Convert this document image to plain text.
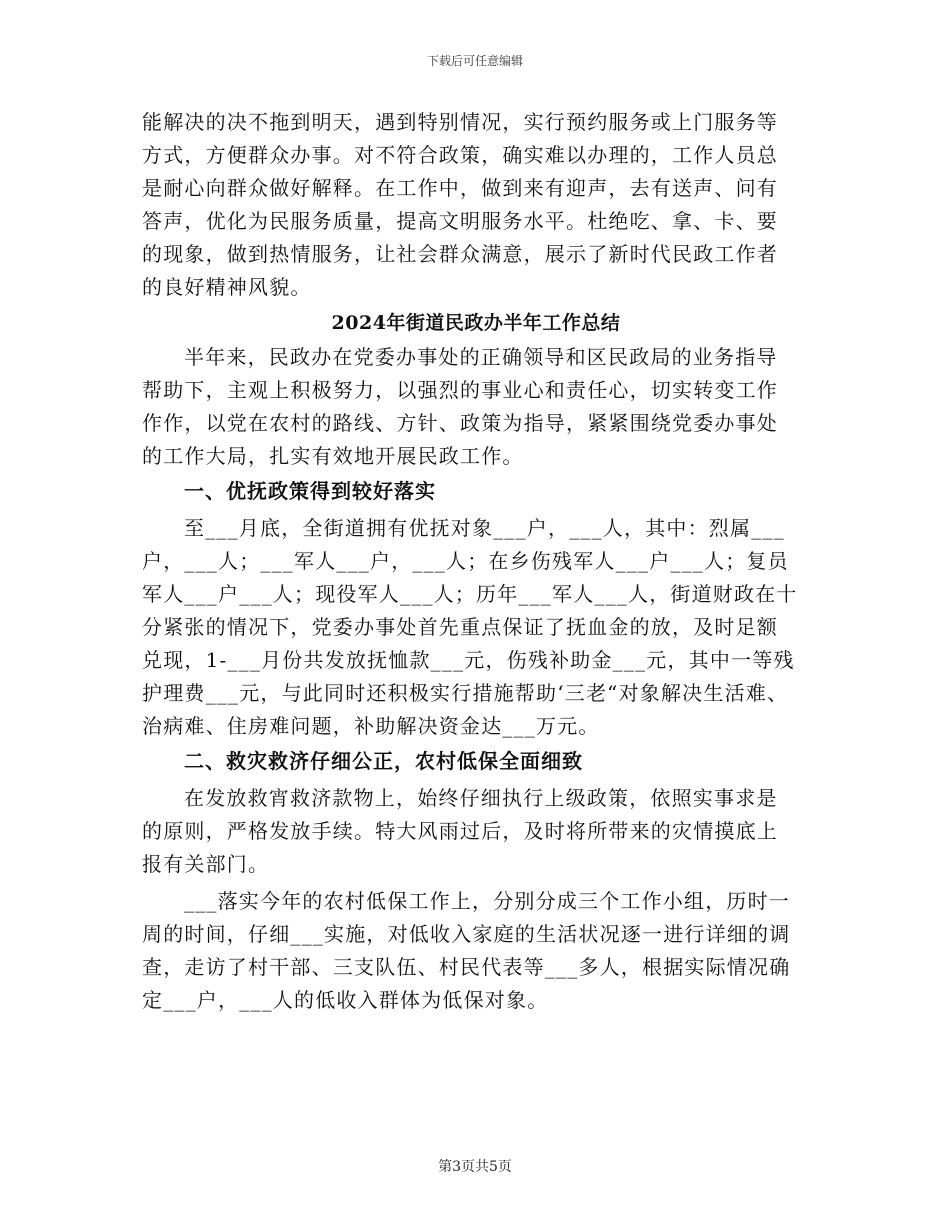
下载后可任意编辑
能解决的决不拖到明天，遇到特别情况，实行预约服务或上门服务等
方式，方便群众办事。对不符合政策，确实难以办理的，工作人员总
是耐心向群众做好解释。在工作中，做到来有迎声，去有送声、问有
答声，优化为民服务质量，提高文明服务水平。杜绝吃、拿、卡、要
的现象，做到热情服务，让社会群众满意，展示了新时代民政工作者
的良好精神风貌。
2024年街道民政办半年工作总结
半年来，民政办在党委办事处的正确领导和区民政局的业务指导
帮助下，主观上积极努力，以强烈的事业心和责任心，切实转变工作
作作，以党在农村的路线、方针、政策为指导，紧紧围绕党委办事处
的工作大局，扎实有效地开展民政工作。
一、优抚政策得到较好落实
至___月底，全街道拥有优抚对象___户，___人，其中：烈属___
户，___人；___军人___户，___人；在乡伤残军人___户___人；复员
军人___户___人；现役军人___人；历年___军人___人，街道财政在十
分紧张的情况下，党委办事处首先重点保证了抚血金的放，及时足额
兑现，1-___月份共发放抚恤款___元，伤残补助金___元，其中一等残
护理费___元，与此同时还积极实行措施帮助‘三老“对象解决生活难、
治病难、住房难问题，补助解决资金达___万元。
二、救灾救济仔细公正，农村低保全面细致
在发放救宵救济款物上，始终仔细执行上级政策，依照实事求是
的原则，严格发放手续。特大风雨过后，及时将所带来的灾情摸底上
报有关部门。
___落实今年的农村低保工作上，分别分成三个工作小组，历时一
周的时间，仔细___实施，对低收入家庭的生活状况逐一进行详细的调
查，走访了村干部、三支队伍、村民代表等___多人，根据实际情况确
定___户，___人的低收入群体为低保对象。
第3页共5页
